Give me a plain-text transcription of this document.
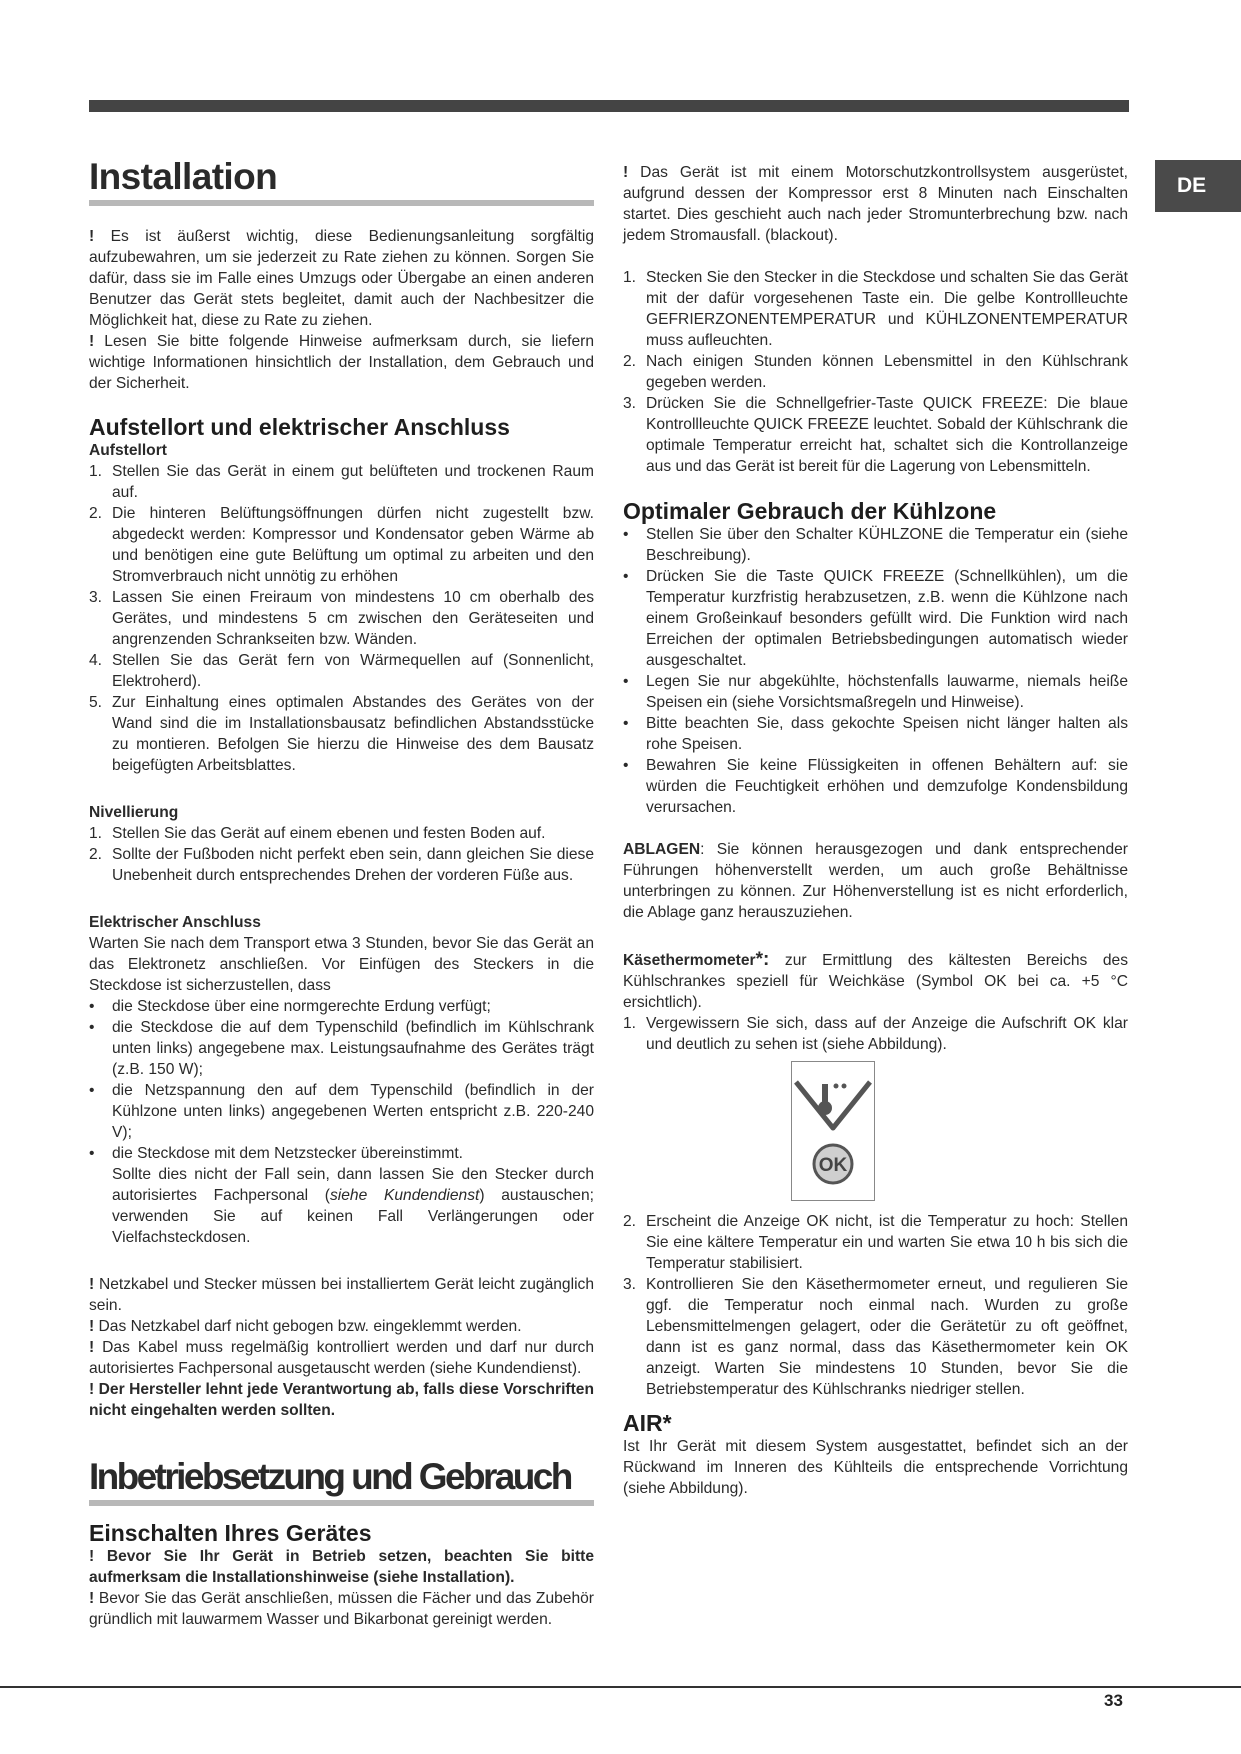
DE
Installation

! Es ist äußerst wichtig, diese Bedienungsanleitung sorgfältig aufzubewahren, um sie jederzeit zu Rate ziehen zu können. Sorgen Sie dafür, dass sie im Falle eines Umzugs oder Übergabe an einen anderen Benutzer das Gerät stets begleitet, damit auch der Nachbesitzer die Möglichkeit hat, diese zu Rate zu ziehen.

! Lesen Sie bitte folgende Hinweise aufmerksam durch, sie liefern wichtige Informationen hinsichtlich der Installation, dem Gebrauch und der Sicherheit.

Aufstellort und elektrischer Anschluss
Aufstellort
1. Stellen Sie das Gerät in einem gut belüfteten und trockenen Raum auf.
2. Die hinteren Belüftungsöffnungen dürfen nicht zugestellt bzw. abgedeckt werden: Kompressor und Kondensator geben Wärme ab und benötigen eine gute Belüftung um optimal zu arbeiten und den Stromverbrauch nicht unnötig zu erhöhen
3. Lassen Sie einen Freiraum von mindestens 10 cm oberhalb des Gerätes, und mindestens 5 cm zwischen den Geräteseiten und angrenzenden Schrankseiten bzw. Wänden.
4. Stellen Sie das Gerät fern von Wärmequellen auf (Sonnenlicht, Elektroherd).
5. Zur Einhaltung eines optimalen Abstandes des Gerätes von der Wand sind die im Installationsbausatz befindlichen Abstandsstücke zu montieren. Befolgen Sie hierzu die Hinweise des dem Bausatz beigefügten Arbeitsblattes.
Nivellierung
1. Stellen Sie das Gerät auf einem ebenen und festen Boden auf.
2. Sollte der Fußboden nicht perfekt eben sein, dann gleichen Sie diese Unebenheit durch entsprechendes Drehen der vorderen Füße aus.
Elektrischer Anschluss

Warten Sie nach dem Transport etwa 3 Stunden, bevor Sie das Gerät an das Elektronetz anschließen. Vor Einfügen des Steckers in die Steckdose ist sicherzustellen, dass

• die Steckdose über eine normgerechte Erdung verfügt;
• die Steckdose die auf dem Typenschild (befindlich im Kühlschrank unten links) angegebene max. Leistungsaufnahme des Gerätes trägt (z.B. 150 W);
• die Netzspannung den auf dem Typenschild (befindlich in der Kühlzone unten links) angegebenen Werten entspricht z.B. 220-240 V);
• die Steckdose mit dem Netzstecker übereinstimmt.

Sollte dies nicht der Fall sein, dann lassen Sie den Stecker durch autorisiertes Fachpersonal (siehe Kundendienst) austauschen; verwenden Sie auf keinen Fall Verlängerungen oder Vielfachsteckdosen.

! Netzkabel und Stecker müssen bei installiertem Gerät leicht zugänglich sein.

! Das Netzkabel darf nicht gebogen bzw. eingeklemmt werden.

! Das Kabel muss regelmäßig kontrolliert werden und darf nur durch autorisiertes Fachpersonal ausgetauscht werden (siehe Kundendienst).

! Der Hersteller lehnt jede Verantwortung ab, falls diese Vorschriften nicht eingehalten werden sollten.

Inbetriebsetzung und Gebrauch
Einschalten Ihres Gerätes

! Bevor Sie Ihr Gerät in Betrieb setzen, beachten Sie bitte aufmerksam die Installationshinweise (siehe Installation).

! Bevor Sie das Gerät anschließen, müssen die Fächer und das Zubehör gründlich mit lauwarmem Wasser und Bikarbonat gereinigt werden.

! Das Gerät ist mit einem Motorschutzkontrollsystem ausgerüstet, aufgrund dessen der Kompressor erst 8 Minuten nach Einschalten startet. Dies geschieht auch nach jeder Stromunterbrechung bzw. nach jedem Stromausfall. (blackout).

1. Stecken Sie den Stecker in die Steckdose und schalten Sie das Gerät mit der dafür vorgesehenen Taste ein. Die gelbe Kontrollleuchte GEFRIERZONENTEMPERATUR und KÜHLZONENTEMPERATUR muss aufleuchten.
2. Nach einigen Stunden können Lebensmittel in den Kühlschrank gegeben werden.
3. Drücken Sie die Schnellgefrier-Taste QUICK FREEZE: Die blaue Kontrollleuchte QUICK FREEZE leuchtet. Sobald der Kühlschrank die optimale Temperatur erreicht hat, schaltet sich die Kontrollanzeige aus und das Gerät ist bereit für die Lagerung von Lebensmitteln.
Optimaler Gebrauch der Kühlzone
• Stellen Sie über den Schalter KÜHLZONE die Temperatur ein (siehe Beschreibung).
• Drücken Sie die Taste QUICK FREEZE (Schnellkühlen), um die Temperatur kurzfristig herabzusetzen, z.B. wenn die Kühlzone nach einem Großeinkauf besonders gefüllt wird. Die Funktion wird nach Erreichen der optimalen Betriebsbedingungen automatisch wieder ausgeschaltet.
• Legen Sie nur abgekühlte, höchstenfalls lauwarme, niemals heiße Speisen ein (siehe Vorsichtsmaßregeln und Hinweise).
• Bitte beachten Sie, dass gekochte Speisen nicht länger halten als rohe Speisen.
• Bewahren Sie keine Flüssigkeiten in offenen Behältern auf: sie würden die Feuchtigkeit erhöhen und demzufolge Kondensbildung verursachen.

ABLAGEN: Sie können herausgezogen und dank entsprechender Führungen höhenverstellt werden, um auch große Behältnisse unterbringen zu können. Zur Höhenverstellung ist es nicht erforderlich, die Ablage ganz herauszuziehen.

Käsethermometer*: zur Ermittlung des kältesten Bereichs des Kühlschrankes speziell für Weichkäse (Symbol OK bei ca. +5 °C ersichtlich).

1. Vergewissern Sie sich, dass auf der Anzeige die Aufschrift OK klar und deutlich zu sehen ist (siehe Abbildung).
OK
2. Erscheint die Anzeige OK nicht, ist die Temperatur zu hoch: Stellen Sie eine kältere Temperatur ein und warten Sie etwa 10 h bis sich die Temperatur stabilisiert.
3. Kontrollieren Sie den Käsethermometer erneut, und regulieren Sie ggf. die Temperatur noch einmal nach. Wurden zu große Lebensmittelmengen gelagert, oder die Gerätetür zu oft geöffnet, dann ist es ganz normal, dass das Käsethermometer kein OK anzeigt. Warten Sie mindestens 10 Stunden, bevor Sie die Betriebstemperatur des Kühlschranks niedriger stellen.
AIR*

Ist Ihr Gerät mit diesem System ausgestattet, befindet sich an der Rückwand im Inneren des Kühlteils die entsprechende Vorrichtung (siehe Abbildung).

33
